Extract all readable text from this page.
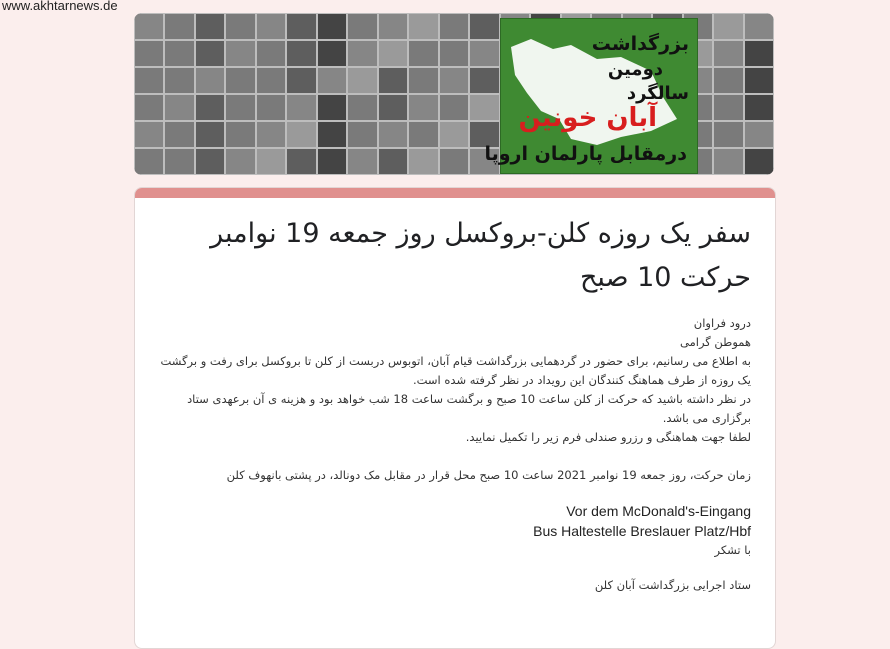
www.akhtarnews.de
بزرگداشت
دومین
سالگرد
آبان خونین
درمقابل پارلمان اروپا
سفر یک روزه کلن-بروکسل روز جمعه 19 نوامبر حرکت 10 صبح

درود فراوان

هموطن گرامی

به اطلاع می رسانیم، برای حضور در گردهمایی بزرگداشت قیام آبان، اتوبوس دربست از کلن تا بروکسل برای رفت و برگشت یک روزه از طرف هماهنگ کنندگان این رویداد در نظر گرفته شده است.

در نظر داشته باشید که حرکت از کلن ساعت 10 صبح و برگشت ساعت 18 شب خواهد بود و هزینه ی آن برعهدی ستاد برگزاری می باشد.

لطفا جهت هماهنگی و رزرو صندلی فرم زیر را تکمیل نمایید.

زمان حرکت، روز جمعه 19 نوامبر 2021 ساعت 10 صبح محل قرار در مقابل مک دونالد، در پشتی بانهوف کلن

Vor dem McDonald's-Eingang
Bus Haltestelle Breslauer Platz/Hbf

با تشکر

ستاد اجرایی بزرگداشت آبان کلن
